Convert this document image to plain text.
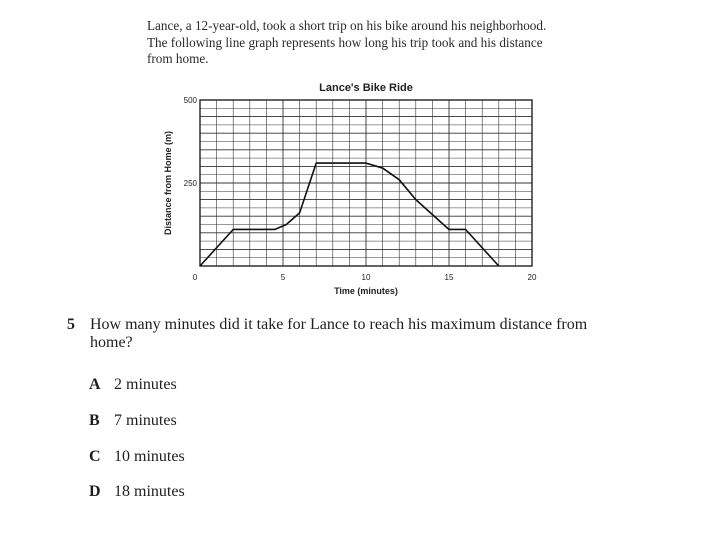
Lance, a 12-year-old, took a short trip on his bike around his neighborhood.
The following line graph represents how long his trip took and his distance
from home.
0	5	10	15	20
250
500
Lance's Bike Ride
Time (minutes)
Distance from Home (m)
5 How many minutes did it take for Lance to reach his maximum distance from
home?
A 2 minutes
B 7 minutes
C 10 minutes
D 18 minutes
